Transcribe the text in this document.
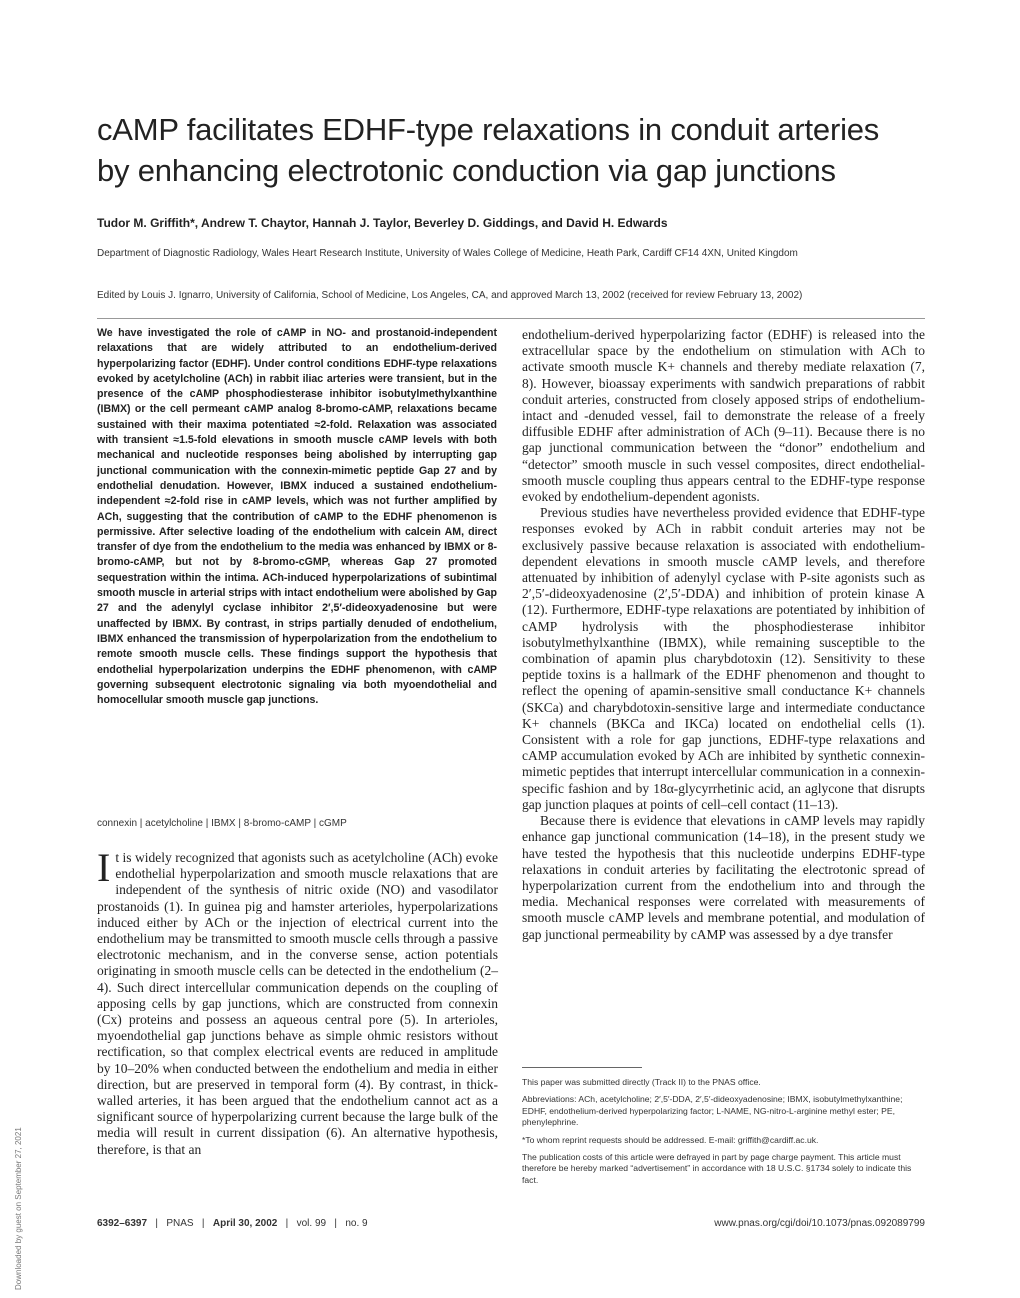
cAMP facilitates EDHF-type relaxations in conduit arteries by enhancing electrotonic conduction via gap junctions
Tudor M. Griffith*, Andrew T. Chaytor, Hannah J. Taylor, Beverley D. Giddings, and David H. Edwards
Department of Diagnostic Radiology, Wales Heart Research Institute, University of Wales College of Medicine, Heath Park, Cardiff CF14 4XN, United Kingdom
Edited by Louis J. Ignarro, University of California, School of Medicine, Los Angeles, CA, and approved March 13, 2002 (received for review February 13, 2002)
We have investigated the role of cAMP in NO- and prostanoid-independent relaxations that are widely attributed to an endothelium-derived hyperpolarizing factor (EDHF). Under control conditions EDHF-type relaxations evoked by acetylcholine (ACh) in rabbit iliac arteries were transient, but in the presence of the cAMP phosphodiesterase inhibitor isobutylmethylxanthine (IBMX) or the cell permeant cAMP analog 8-bromo-cAMP, relaxations became sustained with their maxima potentiated ≈2-fold. Relaxation was associated with transient ≈1.5-fold elevations in smooth muscle cAMP levels with both mechanical and nucleotide responses being abolished by interrupting gap junctional communication with the connexin-mimetic peptide Gap 27 and by endothelial denudation. However, IBMX induced a sustained endothelium-independent ≈2-fold rise in cAMP levels, which was not further amplified by ACh, suggesting that the contribution of cAMP to the EDHF phenomenon is permissive. After selective loading of the endothelium with calcein AM, direct transfer of dye from the endothelium to the media was enhanced by IBMX or 8-bromo-cAMP, but not by 8-bromo-cGMP, whereas Gap 27 promoted sequestration within the intima. ACh-induced hyperpolarizations of subintimal smooth muscle in arterial strips with intact endothelium were abolished by Gap 27 and the adenylyl cyclase inhibitor 2′,5′-dideoxyadenosine but were unaffected by IBMX. By contrast, in strips partially denuded of endothelium, IBMX enhanced the transmission of hyperpolarization from the endothelium to remote smooth muscle cells. These findings support the hypothesis that endothelial hyperpolarization underpins the EDHF phenomenon, with cAMP governing subsequent electrotonic signaling via both myoendothelial and homocellular smooth muscle gap junctions.
connexin | acetylcholine | IBMX | 8-bromo-cAMP | cGMP
It is widely recognized that agonists such as acetylcholine (ACh) evoke endothelial hyperpolarization and smooth muscle relaxations that are independent of the synthesis of nitric oxide (NO) and vasodilator prostanoids (1). In guinea pig and hamster arterioles, hyperpolarizations induced either by ACh or the injection of electrical current into the endothelium may be transmitted to smooth muscle cells through a passive electrotonic mechanism, and in the converse sense, action potentials originating in smooth muscle cells can be detected in the endothelium (2–4). Such direct intercellular communication depends on the coupling of apposing cells by gap junctions, which are constructed from connexin (Cx) proteins and possess an aqueous central pore (5). In arterioles, myoendothelial gap junctions behave as simple ohmic resistors without rectification, so that complex electrical events are reduced in amplitude by 10–20% when conducted between the endothelium and media in either direction, but are preserved in temporal form (4). By contrast, in thick-walled arteries, it has been argued that the endothelium cannot act as a significant source of hyperpolarizing current because the large bulk of the media will result in current dissipation (6). An alternative hypothesis, therefore, is that an

endothelium-derived hyperpolarizing factor (EDHF) is released into the extracellular space by the endothelium on stimulation with ACh to activate smooth muscle K+ channels and thereby mediate relaxation (7, 8). However, bioassay experiments with sandwich preparations of rabbit conduit arteries, constructed from closely apposed strips of endothelium-intact and -denuded vessel, fail to demonstrate the release of a freely diffusible EDHF after administration of ACh (9–11). Because there is no gap junctional communication between the “donor” endothelium and “detector” smooth muscle in such vessel composites, direct endothelial-smooth muscle coupling thus appears central to the EDHF-type response evoked by endothelium-dependent agonists.

Previous studies have nevertheless provided evidence that EDHF-type responses evoked by ACh in rabbit conduit arteries may not be exclusively passive because relaxation is associated with endothelium-dependent elevations in smooth muscle cAMP levels, and therefore attenuated by inhibition of adenylyl cyclase with P-site agonists such as 2′,5′-dideoxyadenosine (2′,5′-DDA) and inhibition of protein kinase A (12). Furthermore, EDHF-type relaxations are potentiated by inhibition of cAMP hydrolysis with the phosphodiesterase inhibitor isobutylmethylxanthine (IBMX), while remaining susceptible to the combination of apamin plus charybdotoxin (12). Sensitivity to these peptide toxins is a hallmark of the EDHF phenomenon and thought to reflect the opening of apamin-sensitive small conductance K+ channels (SKCa) and charybdotoxin-sensitive large and intermediate conductance K+ channels (BKCa and IKCa) located on endothelial cells (1). Consistent with a role for gap junctions, EDHF-type relaxations and cAMP accumulation evoked by ACh are inhibited by synthetic connexin-mimetic peptides that interrupt intercellular communication in a connexin-specific fashion and by 18α-glycyrrhetinic acid, an aglycone that disrupts gap junction plaques at points of cell–cell contact (11–13).

Because there is evidence that elevations in cAMP levels may rapidly enhance gap junctional communication (14–18), in the present study we have tested the hypothesis that this nucleotide underpins EDHF-type relaxations in conduit arteries by facilitating the electrotonic spread of hyperpolarization current from the endothelium into and through the media. Mechanical responses were correlated with measurements of smooth muscle cAMP levels and membrane potential, and modulation of gap junctional permeability by cAMP was assessed by a dye transfer

This paper was submitted directly (Track II) to the PNAS office.

Abbreviations: ACh, acetylcholine; 2′,5′-DDA, 2′,5′-dideoxyadenosine; IBMX, isobutylmethylxanthine; EDHF, endothelium-derived hyperpolarizing factor; L-NAME, NG-nitro-L-arginine methyl ester; PE, phenylephrine.

*To whom reprint requests should be addressed. E-mail: griffith@cardiff.ac.uk.

The publication costs of this article were defrayed in part by page charge payment. This article must therefore be hereby marked “advertisement” in accordance with 18 U.S.C. §1734 solely to indicate this fact.

6392–6397   |   PNAS   |   April 30, 2002   |   vol. 99   |   no. 9	www.pnas.org/cgi/doi/10.1073/pnas.092089799
Downloaded by guest on September 27, 2021
